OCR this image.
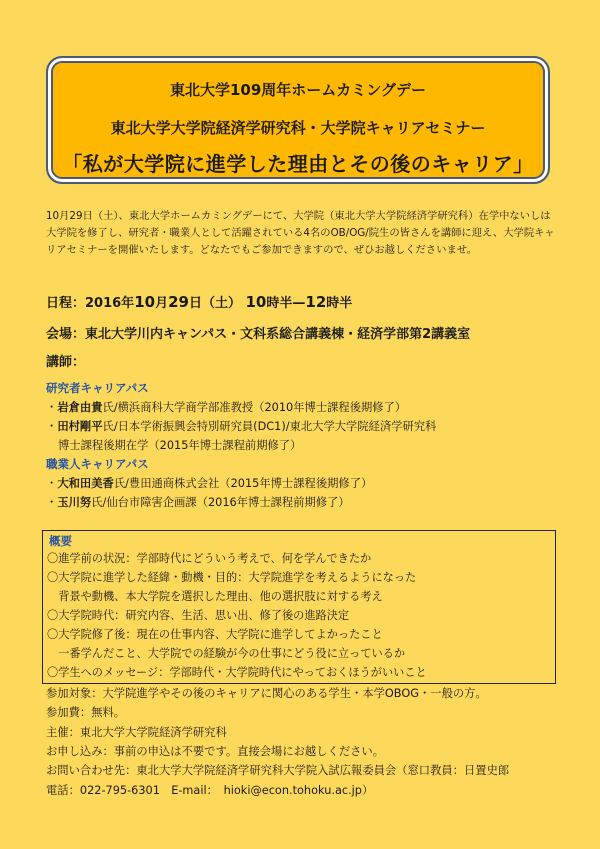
東北大学109周年ホームカミングデー
東北大学大学院経済学研究科・大学院キャリアセミナー
「私が大学院に進学した理由とその後のキャリア」

10月29日（土）、東北大学ホームカミングデーにて、大学院（東北大学大学院経済学研究科）在学中ないしは大学院を修了し、研究者・職業人として活躍されている4名のOB/OG/院生の皆さんを講師に迎え、大学院キャリアセミナーを開催いたします。どなたでもご参加できますので、ぜひお越しくださいませ。

日程：2016年10月29日（土） 10時半—12時半
会場：東北大学川内キャンパス・文科系総合講義棟・経済学部第2講義室
講師：
研究者キャリアパス
・岩倉由貴氏/横浜商科大学商学部准教授（2010年博士課程後期修了）
・田村剛平氏/日本学術振興会特別研究員(DC1)/東北大学大学院経済学研究科
博士課程後期在学（2015年博士課程前期修了）
職業人キャリアパス
・大和田美香氏/豊田通商株式会社（2015年博士課程後期修了）
・玉川努氏/仙台市障害企画課（2016年博士課程前期修了）
概要
〇進学前の状況：学部時代にどういう考えで、何を学んできたか
〇大学院に進学した経緯・動機・目的：大学院進学を考えるようになった
　背景や動機、本大学院を選択した理由、他の選択肢に対する考え
〇大学院時代：研究内容、生活、思い出、修了後の進路決定
〇大学院修了後：現在の仕事内容、大学院に進学してよかったこと
　一番学んだこと、大学院での経験が今の仕事にどう役に立っているか
〇学生へのメッセージ：学部時代・大学院時代にやっておくほうがいいこと
参加対象：大学院進学やその後のキャリアに関心のある学生・本学OBOG・一般の方。
参加費：無料。
主催：東北大学大学院経済学研究科
お申し込み：事前の申込は不要です。直接会場にお越しください。
お問い合わせ先：東北大学大学院経済学研究科大学院入試広報委員会（窓口教員：日置史郎
電話：022-795-6301　E-mail：　hioki@econ.tohoku.ac.jp）
